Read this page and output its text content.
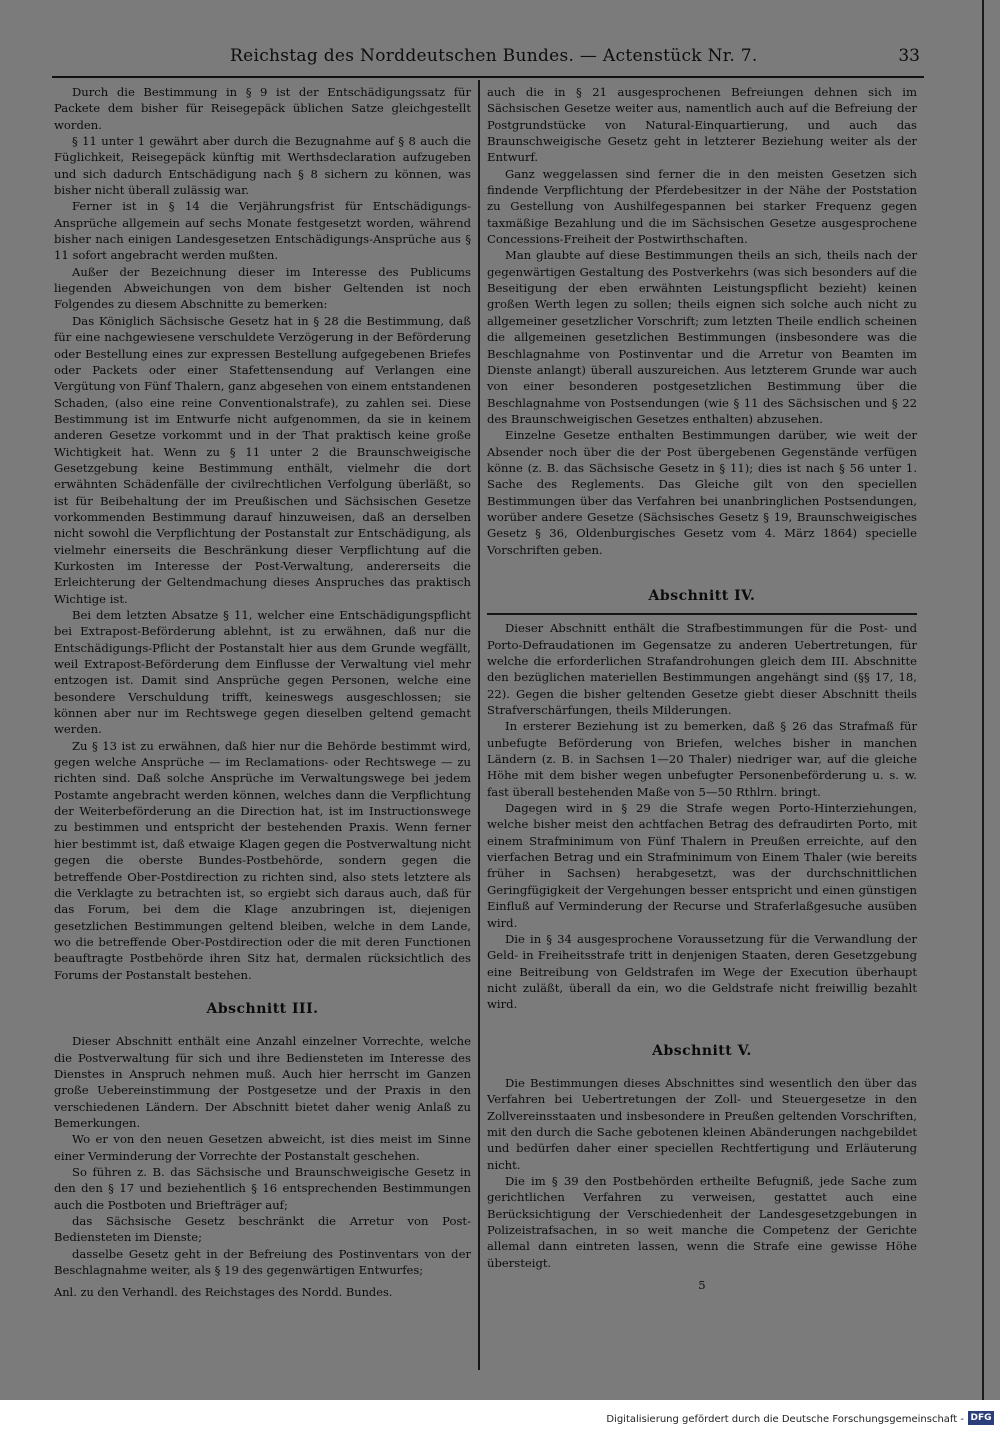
Reichstag des Norddeutschen Bundes. — Actenstück Nr. 7.	33

Durch die Bestimmung in § 9 ist der Entschädigungssatz für Packete dem bisher für Reisegepäck üblichen Satze gleichgestellt worden.

§ 11 unter 1 gewährt aber durch die Bezugnahme auf § 8 auch die Füglichkeit, Reisegepäck künftig mit Werthsdeclaration aufzugeben und sich dadurch Entschädigung nach § 8 sichern zu können, was bisher nicht überall zulässig war.

Ferner ist in § 14 die Verjährungsfrist für Entschädigungs-Ansprüche allgemein auf sechs Monate festgesetzt worden, während bisher nach einigen Landesgesetzen Entschädigungs-Ansprüche aus § 11 sofort angebracht werden mußten.

Außer der Bezeichnung dieser im Interesse des Publicums liegenden Abweichungen von dem bisher Geltenden ist noch Folgendes zu diesem Abschnitte zu bemerken:

Das Königlich Sächsische Gesetz hat in § 28 die Bestimmung, daß für eine nachgewiesene verschuldete Verzögerung in der Beförderung oder Bestellung eines zur expressen Bestellung aufgegebenen Briefes oder Packets oder einer Stafettensendung auf Verlangen eine Vergütung von Fünf Thalern, ganz abgesehen von einem entstandenen Schaden, (also eine reine Conventionalstrafe), zu zahlen sei. Diese Bestimmung ist im Entwurfe nicht aufgenommen, da sie in keinem anderen Gesetze vorkommt und in der That praktisch keine große Wichtigkeit hat. Wenn zu § 11 unter 2 die Braunschweigische Gesetzgebung keine Bestimmung enthält, vielmehr die dort erwähnten Schädenfälle der civilrechtlichen Verfolgung überläßt, so ist für Beibehaltung der im Preußischen und Sächsischen Gesetze vorkommenden Bestimmung darauf hinzuweisen, daß an derselben nicht sowohl die Verpflichtung der Postanstalt zur Entschädigung, als vielmehr einerseits die Beschränkung dieser Verpflichtung auf die Kurkosten im Interesse der Post-Verwaltung, andererseits die Erleichterung der Geltendmachung dieses Anspruches das praktisch Wichtige ist.

Bei dem letzten Absatze § 11, welcher eine Entschädigungspflicht bei Extrapost-Beförderung ablehnt, ist zu erwähnen, daß nur die Entschädigungs-Pflicht der Postanstalt hier aus dem Grunde wegfällt, weil Extrapost-Beförderung dem Einflusse der Verwaltung viel mehr entzogen ist. Damit sind Ansprüche gegen Personen, welche eine besondere Verschuldung trifft, keineswegs ausgeschlossen; sie können aber nur im Rechtswege gegen dieselben geltend gemacht werden.

Zu § 13 ist zu erwähnen, daß hier nur die Behörde bestimmt wird, gegen welche Ansprüche — im Reclamations- oder Rechtswege — zu richten sind. Daß solche Ansprüche im Verwaltungswege bei jedem Postamte angebracht werden können, welches dann die Verpflichtung der Weiterbeförderung an die Direction hat, ist im Instructionswege zu bestimmen und entspricht der bestehenden Praxis. Wenn ferner hier bestimmt ist, daß etwaige Klagen gegen die Postverwaltung nicht gegen die oberste Bundes-Postbehörde, sondern gegen die betreffende Ober-Postdirection zu richten sind, also stets letztere als die Verklagte zu betrachten ist, so ergiebt sich daraus auch, daß für das Forum, bei dem die Klage anzubringen ist, diejenigen gesetzlichen Bestimmungen geltend bleiben, welche in dem Lande, wo die betreffende Ober-Postdirection oder die mit deren Functionen beauftragte Postbehörde ihren Sitz hat, dermalen rücksichtlich des Forums der Postanstalt bestehen.

Abschnitt III.

Dieser Abschnitt enthält eine Anzahl einzelner Vorrechte, welche die Postverwaltung für sich und ihre Bediensteten im Interesse des Dienstes in Anspruch nehmen muß. Auch hier herrscht im Ganzen große Uebereinstimmung der Postgesetze und der Praxis in den verschiedenen Ländern. Der Abschnitt bietet daher wenig Anlaß zu Bemerkungen.

Wo er von den neuen Gesetzen abweicht, ist dies meist im Sinne einer Verminderung der Vorrechte der Postanstalt geschehen.

So führen z. B. das Sächsische und Braunschweigische Gesetz in den den § 17 und beziehentlich § 16 entsprechenden Bestimmungen auch die Postboten und Briefträger auf;

das Sächsische Gesetz beschränkt die Arretur von Post-Bediensteten im Dienste;

dasselbe Gesetz geht in der Befreiung des Postinventars von der Beschlagnahme weiter, als § 19 des gegenwärtigen Entwurfes;

Anl. zu den Verhandl. des Reichstages des Nordd. Bundes.

auch die in § 21 ausgesprochenen Befreiungen dehnen sich im Sächsischen Gesetze weiter aus, namentlich auch auf die Befreiung der Postgrundstücke von Natural-Einquartierung, und auch das Braunschweigische Gesetz geht in letzterer Beziehung weiter als der Entwurf.

Ganz weggelassen sind ferner die in den meisten Gesetzen sich findende Verpflichtung der Pferdebesitzer in der Nähe der Poststation zu Gestellung von Aushilfegespannen bei starker Frequenz gegen taxmäßige Bezahlung und die im Sächsischen Gesetze ausgesprochene Concessions-Freiheit der Postwirthschaften.

Man glaubte auf diese Bestimmungen theils an sich, theils nach der gegenwärtigen Gestaltung des Postverkehrs (was sich besonders auf die Beseitigung der eben erwähnten Leistungspflicht bezieht) keinen großen Werth legen zu sollen; theils eignen sich solche auch nicht zu allgemeiner gesetzlicher Vorschrift; zum letzten Theile endlich scheinen die allgemeinen gesetzlichen Bestimmungen (insbesondere was die Beschlagnahme von Postinventar und die Arretur von Beamten im Dienste anlangt) überall auszureichen. Aus letzterem Grunde war auch von einer besonderen postgesetzlichen Bestimmung über die Beschlagnahme von Postsendungen (wie § 11 des Sächsischen und § 22 des Braunschweigischen Gesetzes enthalten) abzusehen.

Einzelne Gesetze enthalten Bestimmungen darüber, wie weit der Absender noch über die der Post übergebenen Gegenstände verfügen könne (z. B. das Sächsische Gesetz in § 11); dies ist nach § 56 unter 1. Sache des Reglements. Das Gleiche gilt von den speciellen Bestimmungen über das Verfahren bei unanbringlichen Postsendungen, worüber andere Gesetze (Sächsisches Gesetz § 19, Braunschweigisches Gesetz § 36, Oldenburgisches Gesetz vom 4. März 1864) specielle Vorschriften geben.

Abschnitt IV.

Dieser Abschnitt enthält die Strafbestimmungen für die Post- und Porto-Defraudationen im Gegensatze zu anderen Uebertretungen, für welche die erforderlichen Strafandrohungen gleich dem III. Abschnitte den bezüglichen materiellen Bestimmungen angehängt sind (§§ 17, 18, 22). Gegen die bisher geltenden Gesetze giebt dieser Abschnitt theils Strafverschärfungen, theils Milderungen.

In ersterer Beziehung ist zu bemerken, daß § 26 das Strafmaß für unbefugte Beförderung von Briefen, welches bisher in manchen Ländern (z. B. in Sachsen 1—20 Thaler) niedriger war, auf die gleiche Höhe mit dem bisher wegen unbefugter Personenbeförderung u. s. w. fast überall bestehenden Maße von 5—50 Rthlrn. bringt.

Dagegen wird in § 29 die Strafe wegen Porto-Hinterziehungen, welche bisher meist den achtfachen Betrag des defraudirten Porto, mit einem Strafminimum von Fünf Thalern in Preußen erreichte, auf den vierfachen Betrag und ein Strafminimum von Einem Thaler (wie bereits früher in Sachsen) herabgesetzt, was der durchschnittlichen Geringfügigkeit der Vergehungen besser entspricht und einen günstigen Einfluß auf Verminderung der Recurse und Straferlaßgesuche ausüben wird.

Die in § 34 ausgesprochene Voraussetzung für die Verwandlung der Geld- in Freiheitsstrafe tritt in denjenigen Staaten, deren Gesetzgebung eine Beitreibung von Geldstrafen im Wege der Execution überhaupt nicht zuläßt, überall da ein, wo die Geldstrafe nicht freiwillig bezahlt wird.

Abschnitt V.

Die Bestimmungen dieses Abschnittes sind wesentlich den über das Verfahren bei Uebertretungen der Zoll- und Steuergesetze in den Zollvereinsstaaten und insbesondere in Preußen geltenden Vorschriften, mit den durch die Sache gebotenen kleinen Abänderungen nachgebildet und bedürfen daher einer speciellen Rechtfertigung und Erläuterung nicht.

Die im § 39 den Postbehörden ertheilte Befugniß, jede Sache zum gerichtlichen Verfahren zu verweisen, gestattet auch eine Berücksichtigung der Verschiedenheit der Landesgesetzgebungen in Polizeistrafsachen, in so weit manche die Competenz der Gerichte allemal dann eintreten lassen, wenn die Strafe eine gewisse Höhe übersteigt.

5

Digitalisierung gefördert durch die Deutsche Forschungsgemeinschaft - DFG
